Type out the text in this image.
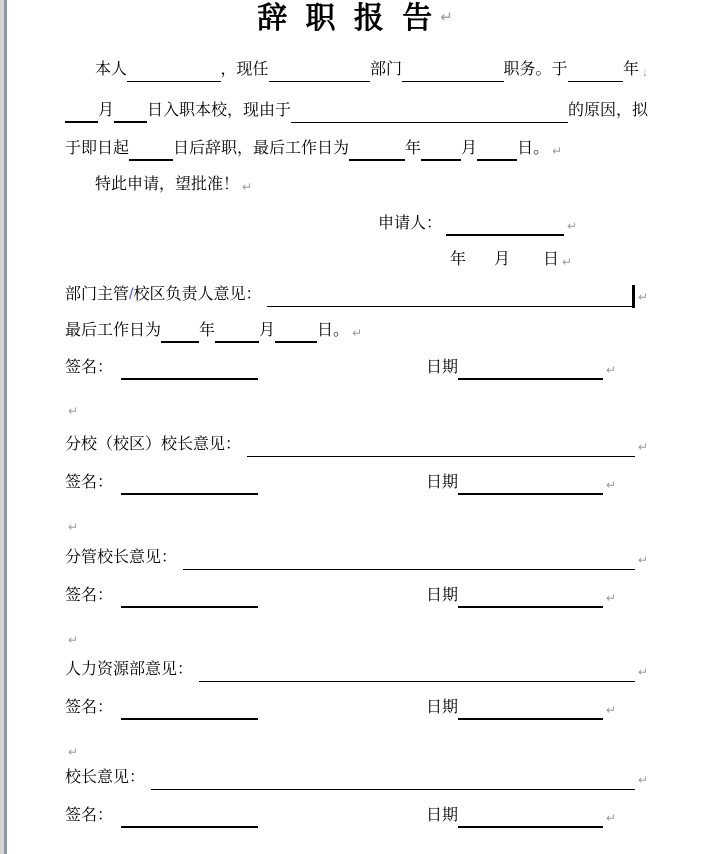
辞 职 报 告 ↵
本人	，现任	部门	职务。于	年 ↓
月 日入职本校，现由于	的原因，拟
于即日起	日后辞职，最后工作日为	年	月	日。 ↵
特此申请，望批准！ ↵
申请人：	↵
年 月 日 ↵
部门主管 / 校区负责人意见：	↵
最后工作日为 年	月	日。 ↵
签名：	日期	↵
↵
分校（校区）校长意见：	↵
签名：	日期	↵
↵
分管校长意见：	↵
签名：	日期	↵
↵
人力资源部意见：	↵
签名：	日期	↵
↵
校长意见：	↵
签名：	日期	↵
